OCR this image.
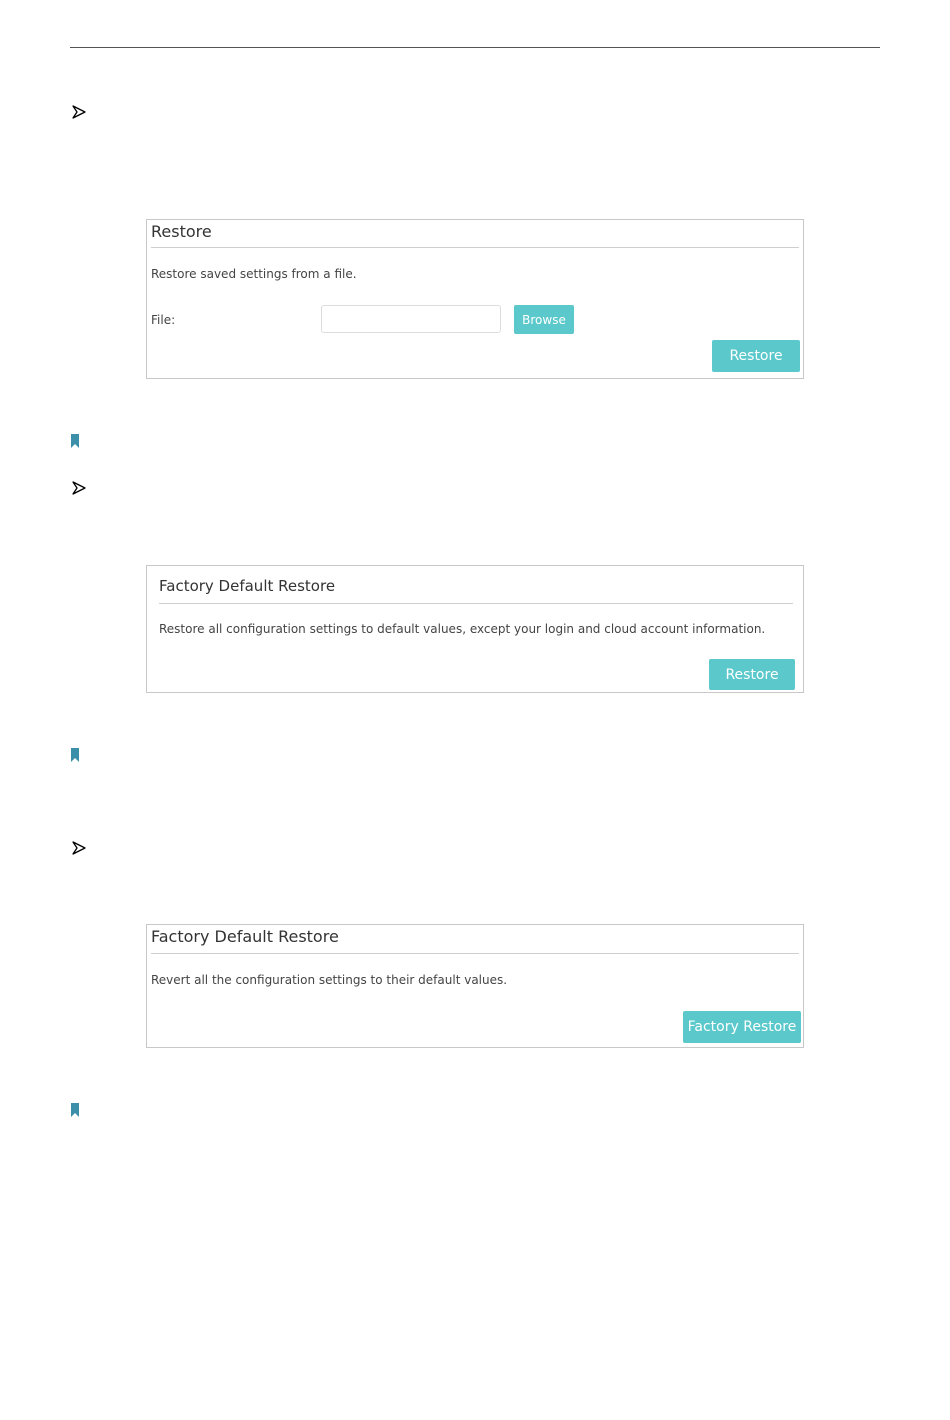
Restore
Restore saved settings from a file.
File:	Browse
Restore
Factory Default Restore
Restore all configuration settings to default values, except your login and cloud account information.
Restore
Factory Default Restore
Revert all the configuration settings to their default values.
Factory Restore
